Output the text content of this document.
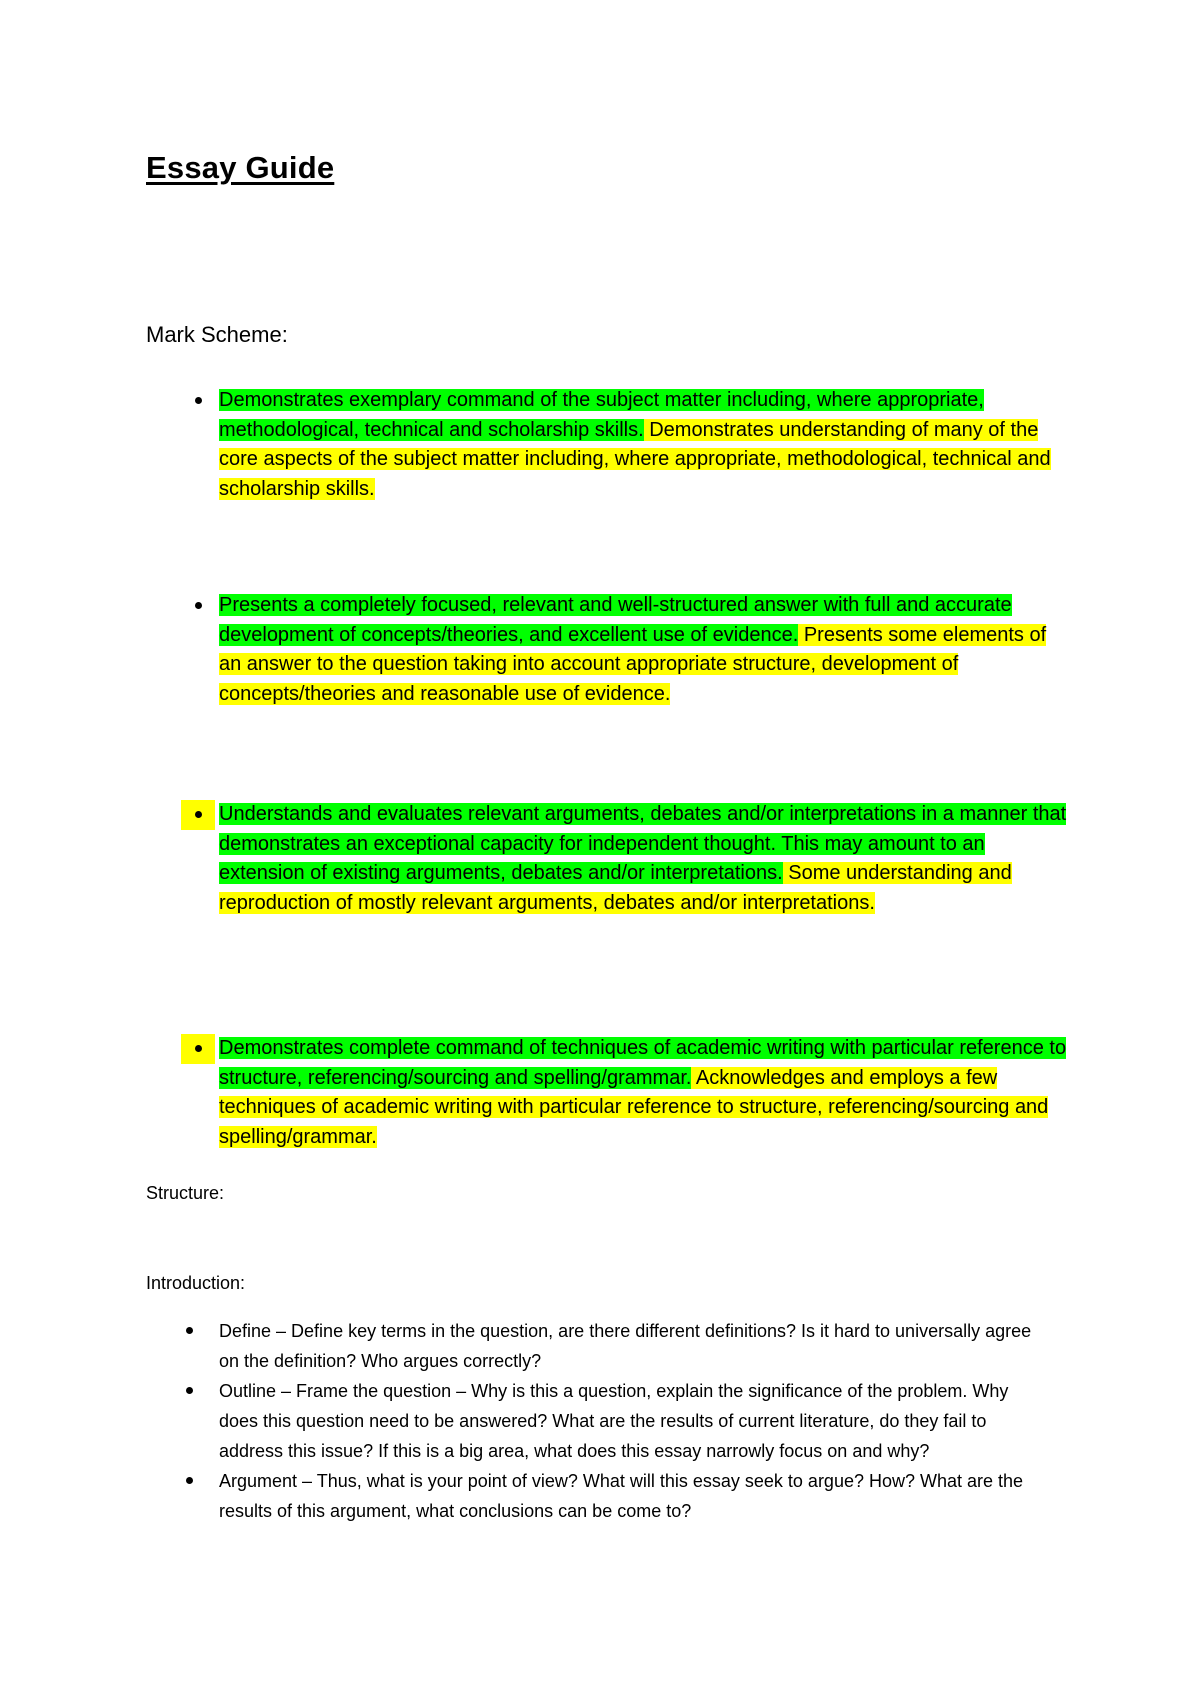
Essay Guide

Mark Scheme:

Demonstrates exemplary command of the subject matter including, where appropriate, methodological, technical and scholarship skills. Demonstrates understanding of many of the core aspects of the subject matter including, where appropriate, methodological, technical and scholarship skills.
Presents a completely focused, relevant and well-structured answer with full and accurate development of concepts/theories, and excellent use of evidence. Presents some elements of an answer to the question taking into account appropriate structure, development of concepts/theories and reasonable use of evidence.
Understands and evaluates relevant arguments, debates and/or interpretations in a manner that demonstrates an exceptional capacity for independent thought. This may amount to an extension of existing arguments, debates and/or interpretations. Some understanding and reproduction of mostly relevant arguments, debates and/or interpretations.
Demonstrates complete command of techniques of academic writing with particular reference to structure, referencing/sourcing and spelling/grammar. Acknowledges and employs a few techniques of academic writing with particular reference to structure, referencing/sourcing and spelling/grammar.

Structure:

Introduction:

Define – Define key terms in the question, are there different definitions? Is it hard to universally agree on the definition? Who argues correctly?
Outline – Frame the question – Why is this a question, explain the significance of the problem. Why does this question need to be answered? What are the results of current literature, do they fail to address this issue? If this is a big area, what does this essay narrowly focus on and why?
Argument – Thus, what is your point of view? What will this essay seek to argue? How? What are the results of this argument, what conclusions can be come to?
